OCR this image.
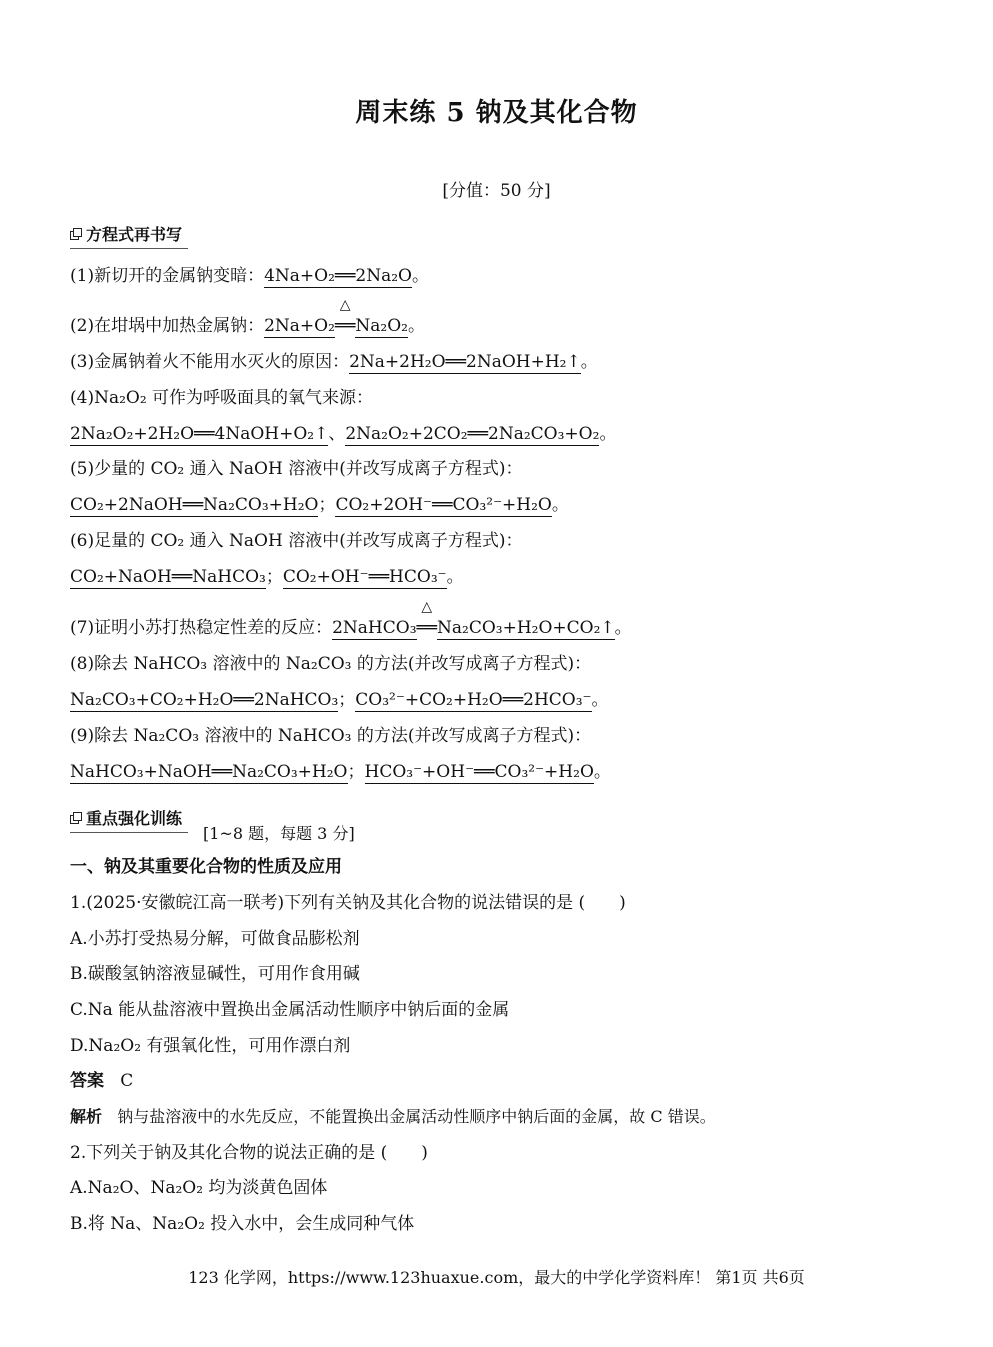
周末练 5 钠及其化合物
[分值：50 分]
方程式再书写
(1)新切开的金属钠变暗：4Na+O₂══2Na₂O。
(2)在坩埚中加热金属钠：2Na+O₂
△
══Na₂O₂。
(3)金属钠着火不能用水灭火的原因：2Na+2H₂O══2NaOH+H₂↑。
(4)Na₂O₂ 可作为呼吸面具的氧气来源：
2Na₂O₂+2H₂O══4NaOH+O₂↑、2Na₂O₂+2CO₂══2Na₂CO₃+O₂。
(5)少量的 CO₂ 通入 NaOH 溶液中(并改写成离子方程式)：
CO₂+2NaOH══Na₂CO₃+H₂O；CO₂+2OH⁻══CO₃²⁻+H₂O。
(6)足量的 CO₂ 通入 NaOH 溶液中(并改写成离子方程式)：
CO₂+NaOH══NaHCO₃；CO₂+OH⁻══HCO₃⁻。
(7)证明小苏打热稳定性差的反应：2NaHCO₃
△
══Na₂CO₃+H₂O+CO₂↑。
(8)除去 NaHCO₃ 溶液中的 Na₂CO₃ 的方法(并改写成离子方程式)：
Na₂CO₃+CO₂+H₂O══2NaHCO₃；CO₃²⁻+CO₂+H₂O══2HCO₃⁻。
(9)除去 Na₂CO₃ 溶液中的 NaHCO₃ 的方法(并改写成离子方程式)：
NaHCO₃+NaOH══Na₂CO₃+H₂O；HCO₃⁻+OH⁻══CO₃²⁻+H₂O。
重点强化训练
[1~8 题，每题 3 分]
一、钠及其重要化合物的性质及应用
1.(2025·安徽皖江高一联考)下列有关钠及其化合物的说法错误的是 (　　)
A.小苏打受热易分解，可做食品膨松剂
B.碳酸氢钠溶液显碱性，可用作食用碱
C.Na 能从盐溶液中置换出金属活动性顺序中钠后面的金属
D.Na₂O₂ 有强氧化性，可用作漂白剂
答案 C
解析 钠与盐溶液中的水先反应，不能置换出金属活动性顺序中钠后面的金属，故 C 错误。
2.下列关于钠及其化合物的说法正确的是 (　　)
A.Na₂O、Na₂O₂ 均为淡黄色固体
B.将 Na、Na₂O₂ 投入水中，会生成同种气体
123 化学网，https://www.123huaxue.com，最大的中学化学资料库！ 第1页 共6页
